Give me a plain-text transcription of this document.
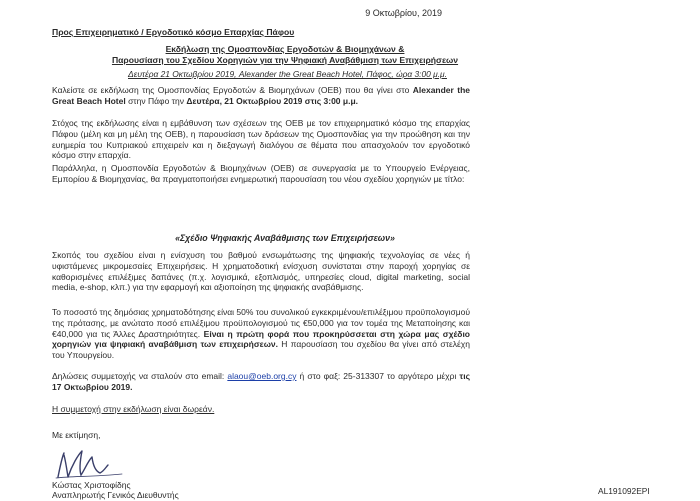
9 Οκτωβρίου, 2019

Προς Επιχειρηματικό / Εργοδοτικό κόσμο Επαρχίας Πάφου

Εκδήλωση της Ομοσπονδίας Εργοδοτών & Βιομηχάνων &
Παρουσίαση του Σχεδίου Χορηγιών για την Ψηφιακή Αναβάθμιση των Επιχειρήσεων

Δευτέρα 21 Οκτωβρίου 2019, Alexander the Great Beach Hotel, Πάφος, ώρα 3:00 μ.μ.

Καλείστε σε εκδήλωση της Ομοσπονδίας Εργοδοτών & Βιομηχάνων (ΟΕΒ) που θα γίνει στο Alexander the Great Beach Hotel στην Πάφο την Δευτέρα, 21 Οκτωβρίου 2019 στις 3:00 μ.μ.

Στόχος της εκδήλωσης είναι η εμβάθυνση των σχέσεων της ΟΕΒ με τον επιχειρηματικό κόσμο της επαρχίας Πάφου (μέλη και μη μέλη της ΟΕΒ), η παρουσίαση των δράσεων της Ομοσπονδίας για την προώθηση και την ευημερία του Κυπριακού επιχειρείν και η διεξαγωγή διαλόγου σε θέματα που απασχολούν τον εργοδοτικό κόσμο στην επαρχία.

Παράλληλα, η Ομοσπονδία Εργοδοτών & Βιομηχάνων (ΟΕΒ) σε συνεργασία με το Υπουργείο Ενέργειας, Εμπορίου & Βιομηχανίας, θα πραγματοποιήσει ενημερωτική παρουσίαση του νέου σχεδίου χορηγιών με τίτλο:

«Σχέδιο Ψηφιακής Αναβάθμισης των Επιχειρήσεων»

Σκοπός του σχεδίου είναι η ενίσχυση του βαθμού ενσωμάτωσης της ψηφιακής τεχνολογίας σε νέες ή υφιστάμενες μικρομεσαίες Επιχειρήσεις. Η χρηματοδοτική ενίσχυση συνίσταται στην παροχή χορηγίας σε καθορισμένες επιλέξιμες δαπάνες (π.χ. λογισμικά, εξοπλισμός, υπηρεσίες cloud, digital marketing, social media, e-shop, κλπ.) για την εφαρμογή και αξιοποίηση της ψηφιακής αναβάθμισης.

Το ποσοστό της δημόσιας χρηματοδότησης είναι 50% του συνολικού εγκεκριμένου/επιλέξιμου προϋπολογισμού της πρότασης, με ανώτατο ποσό επιλέξιμου προϋπολογισμού τις €50,000 για τον τομέα της Μεταποίησης και €40,000 για τις Άλλες Δραστηριότητες. Είναι η πρώτη φορά που προκηρύσσεται στη χώρα μας σχέδιο χορηγιών για ψηφιακή αναβάθμιση των επιχειρήσεων. Η παρουσίαση του σχεδίου θα γίνει από στελέχη του Υπουργείου.

Δηλώσεις συμμετοχής να σταλούν στο email: alaou@oeb.org.cy ή στο φαξ: 25-313307 το αργότερο μέχρι τις 17 Οκτωβρίου 2019.

Η συμμετοχή στην εκδήλωση είναι δωρεάν.

Με εκτίμηση,

Κώστας Χριστοφίδης

Αναπληρωτής Γενικός Διευθυντής	AL191092EPI
